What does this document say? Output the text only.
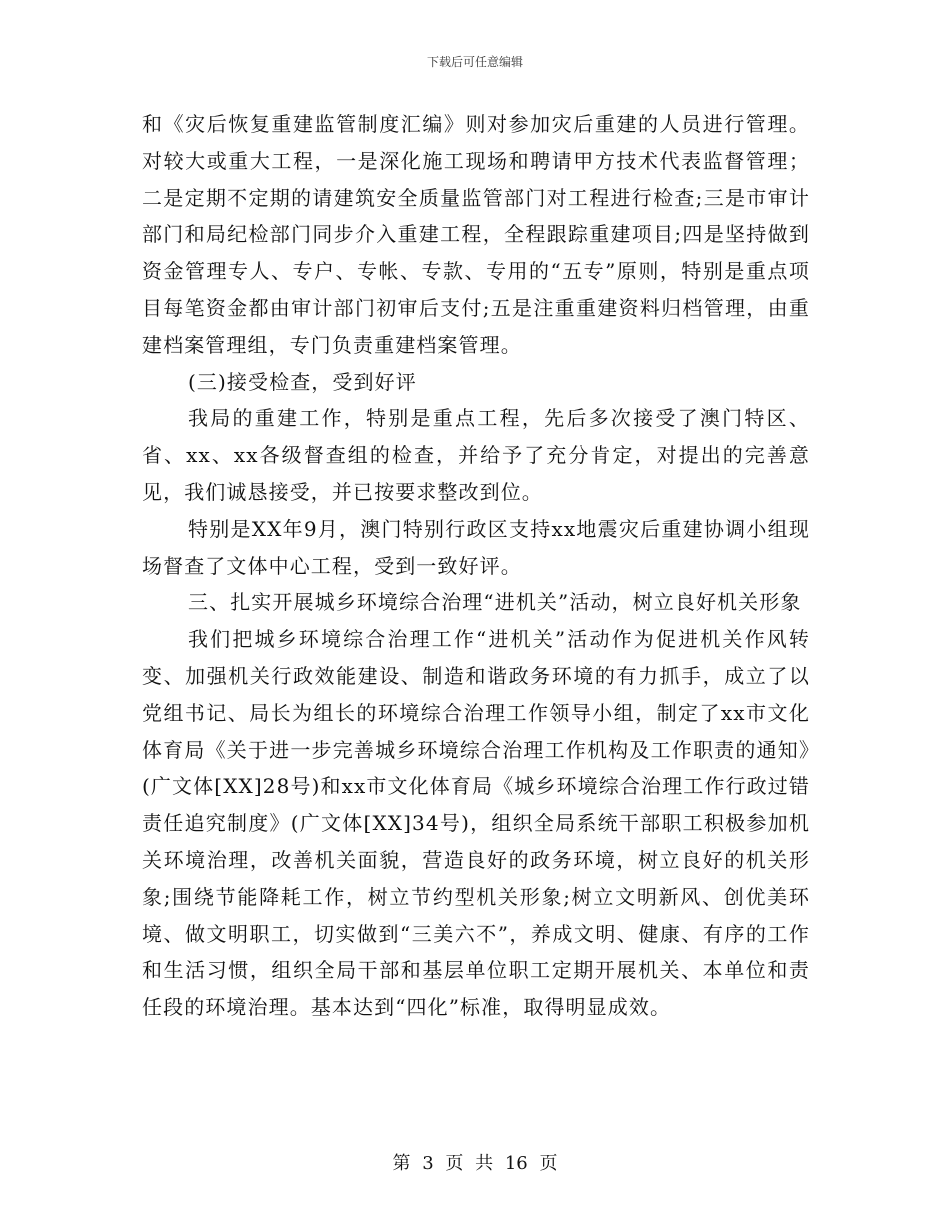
下载后可任意编辑

和《灾后恢复重建监管制度汇编》则对参加灾后重建的人员进行管理。对较大或重大工程，一是深化施工现场和聘请甲方技术代表监督管理；二是定期不定期的请建筑安全质量监管部门对工程进行检查;三是市审计部门和局纪检部门同步介入重建工程，全程跟踪重建项目;四是坚持做到资金管理专人、专户、专帐、专款、专用的“五专”原则，特别是重点项目每笔资金都由审计部门初审后支付;五是注重重建资料归档管理，由重建档案管理组，专门负责重建档案管理。

(三)接受检查，受到好评

我局的重建工作，特别是重点工程，先后多次接受了澳门特区、省、xx、xx各级督查组的检查，并给予了充分肯定，对提出的完善意见，我们诚恳接受，并已按要求整改到位。

特别是XX年9月，澳门特别行政区支持xx地震灾后重建协调小组现场督查了文体中心工程，受到一致好评。

三、扎实开展城乡环境综合治理“进机关”活动，树立良好机关形象

我们把城乡环境综合治理工作“进机关”活动作为促进机关作风转变、加强机关行政效能建设、制造和谐政务环境的有力抓手，成立了以党组书记、局长为组长的环境综合治理工作领导小组，制定了xx市文化体育局《关于进一步完善城乡环境综合治理工作机构及工作职责的通知》(广文体[XX]28号)和xx市文化体育局《城乡环境综合治理工作行政过错责任追究制度》(广文体[XX]34号)，组织全局系统干部职工积极参加机关环境治理，改善机关面貌，营造良好的政务环境，树立良好的机关形象;围绕节能降耗工作，树立节约型机关形象;树立文明新风、创优美环境、做文明职工，切实做到“三美六不”，养成文明、健康、有序的工作和生活习惯，组织全局干部和基层单位职工定期开展机关、本单位和责任段的环境治理。基本达到“四化”标准，取得明显成效。

第 3 页 共 16 页
